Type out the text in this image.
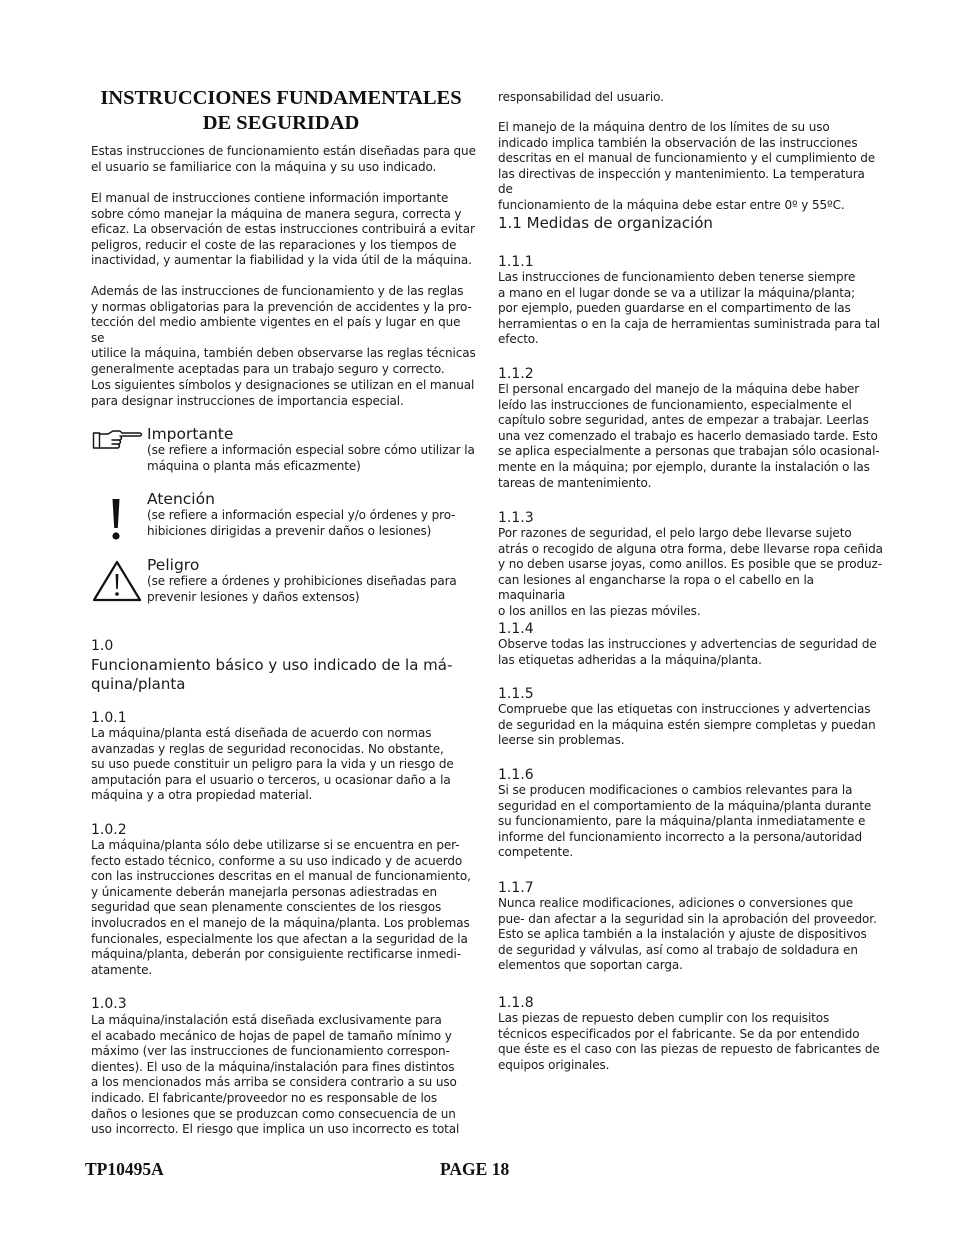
INSTRUCCIONES FUNDAMENTALES
DE SEGURIDAD

Estas instrucciones de funcionamiento están diseñadas para que
el usuario se familiarice con la máquina y su uso indicado.

El manual de instrucciones contiene información importante
sobre cómo manejar la máquina de manera segura, correcta y
eficaz. La observación de estas instrucciones contribuirá a evitar
peligros, reducir el coste de las reparaciones y los tiempos de
inactividad, y aumentar la fiabilidad y la vida útil de la máquina.

Además de las instrucciones de funcionamiento y de las reglas
y normas obligatorias para la prevención de accidentes y la pro-
tección del medio ambiente vigentes en el país y lugar en que se
utilice la máquina, también deben observarse las reglas técnicas
generalmente aceptadas para un trabajo seguro y correcto.

Los siguientes símbolos y designaciones se utilizan en el manual
para designar instrucciones de importancia especial.

Importante

(se refiere a información especial sobre cómo utilizar la
máquina o planta más eficazmente)

Atención

(se refiere a información especial y/o órdenes y pro-
hibiciones dirigidas a prevenir daños o lesiones)

Peligro

(se refiere a órdenes y prohibiciones diseñadas para
prevenir lesiones y daños extensos)

1.0

Funcionamiento básico y uso indicado de la má-
quina/planta

1.0.1

La máquina/planta está diseñada de acuerdo con normas
avanzadas y reglas de seguridad reconocidas. No obstante,
su uso puede constituir un peligro para la vida y un riesgo de
amputación para el usuario o terceros, u ocasionar daño a la
máquina y a otra propiedad material.

1.0.2

La máquina/planta sólo debe utilizarse si se encuentra en per-
fecto estado técnico, conforme a su uso indicado y de acuerdo
con las instrucciones descritas en el manual de funcionamiento,
y únicamente deberán manejarla personas adiestradas en
seguridad que sean plenamente conscientes de los riesgos
involucrados en el manejo de la máquina/planta. Los problemas
funcionales, especialmente los que afectan a la seguridad de la
máquina/planta, deberán por consiguiente rectificarse inmedi-
atamente.

1.0.3

La máquina/instalación está diseñada exclusivamente para
el acabado mecánico de hojas de papel de tamaño mínimo y
máximo (ver las instrucciones de funcionamiento correspon-
dientes). El uso de la máquina/instalación para fines distintos
a los mencionados más arriba se considera contrario a su uso
indicado. El fabricante/proveedor no es responsable de los
daños o lesiones que se produzcan como consecuencia de un
uso incorrecto. El riesgo que implica un uso incorrecto es total

responsabilidad del usuario.

El manejo de la máquina dentro de los límites de su uso
indicado implica también la observación de las instrucciones
descritas en el manual de funcionamiento y el cumplimiento de
las directivas de inspección y mantenimiento. La temperatura de
funcionamiento de la máquina debe estar entre 0º y 55ºC.

1.1 Medidas de organización

1.1.1

Las instrucciones de funcionamiento deben tenerse siempre
a mano en el lugar donde se va a utilizar la máquina/planta;
por ejemplo, pueden guardarse en el compartimento de las
herramientas o en la caja de herramientas suministrada para tal
efecto.

1.1.2

El personal encargado del manejo de la máquina debe haber
leído las instrucciones de funcionamiento, especialmente el
capítulo sobre seguridad, antes de empezar a trabajar. Leerlas
una vez comenzado el trabajo es hacerlo demasiado tarde. Esto
se aplica especialmente a personas que trabajan sólo ocasional-
mente en la máquina; por ejemplo, durante la instalación o las
tareas de mantenimiento.

1.1.3

Por razones de seguridad, el pelo largo debe llevarse sujeto
atrás o recogido de alguna otra forma, debe llevarse ropa ceñida
y no deben usarse joyas, como anillos. Es posible que se produz-
can lesiones al engancharse la ropa o el cabello en la maquinaria
o los anillos en las piezas móviles.

1.1.4

Observe todas las instrucciones y advertencias de seguridad de
las etiquetas adheridas a la máquina/planta.

1.1.5

Compruebe que las etiquetas con instrucciones y advertencias
de seguridad en la máquina estén siempre completas y puedan
leerse sin problemas.

1.1.6

Si se producen modificaciones o cambios relevantes para la
seguridad en el comportamiento de la máquina/planta durante
su funcionamiento, pare la máquina/planta inmediatamente e
informe del funcionamiento incorrecto a la persona/autoridad
competente.

1.1.7

Nunca realice modificaciones, adiciones o conversiones que
pue- dan afectar a la seguridad sin la aprobación del proveedor.
Esto se aplica también a la instalación y ajuste de dispositivos
de seguridad y válvulas, así como al trabajo de soldadura en
elementos que soportan carga.

1.1.8

Las piezas de repuesto deben cumplir con los requisitos
técnicos especificados por el fabricante. Se da por entendido
que éste es el caso con las piezas de repuesto de fabricantes de
equipos originales.

TP10495A	PAGE 18
